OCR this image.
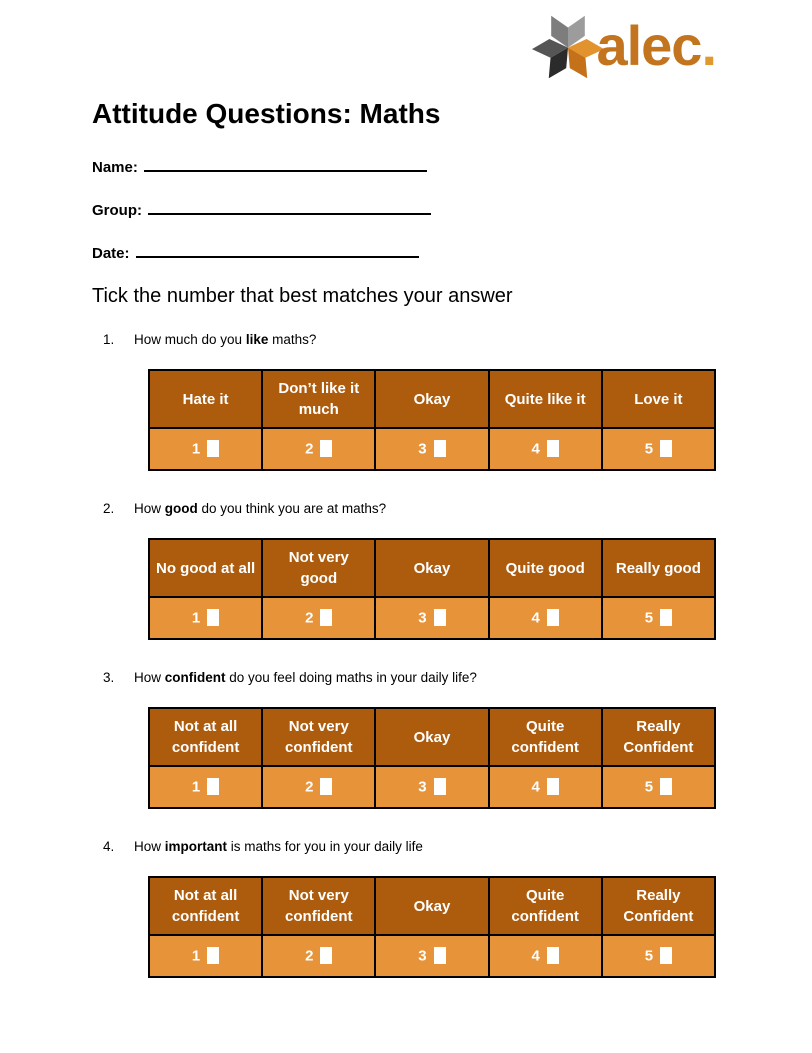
alec.
Attitude Questions: Maths
Name:
Group:
Date:
Tick the number that best matches your answer
1.	How much do you like maths?
Hate it	Don’t like it much	Okay	Quite like it	Love it
1	2	3	4	5
2.	How good do you think you are at maths?
No good at all	Not very good	Okay	Quite good	Really good
1	2	3	4	5
3.	How confident do you feel doing maths in your daily life?
Not at all confident	Not very confident	Okay	Quite confident	Really Confident
1	2	3	4	5
4.	How important is maths for you in your daily life
Not at all confident	Not very confident	Okay	Quite confident	Really Confident
1	2	3	4	5
